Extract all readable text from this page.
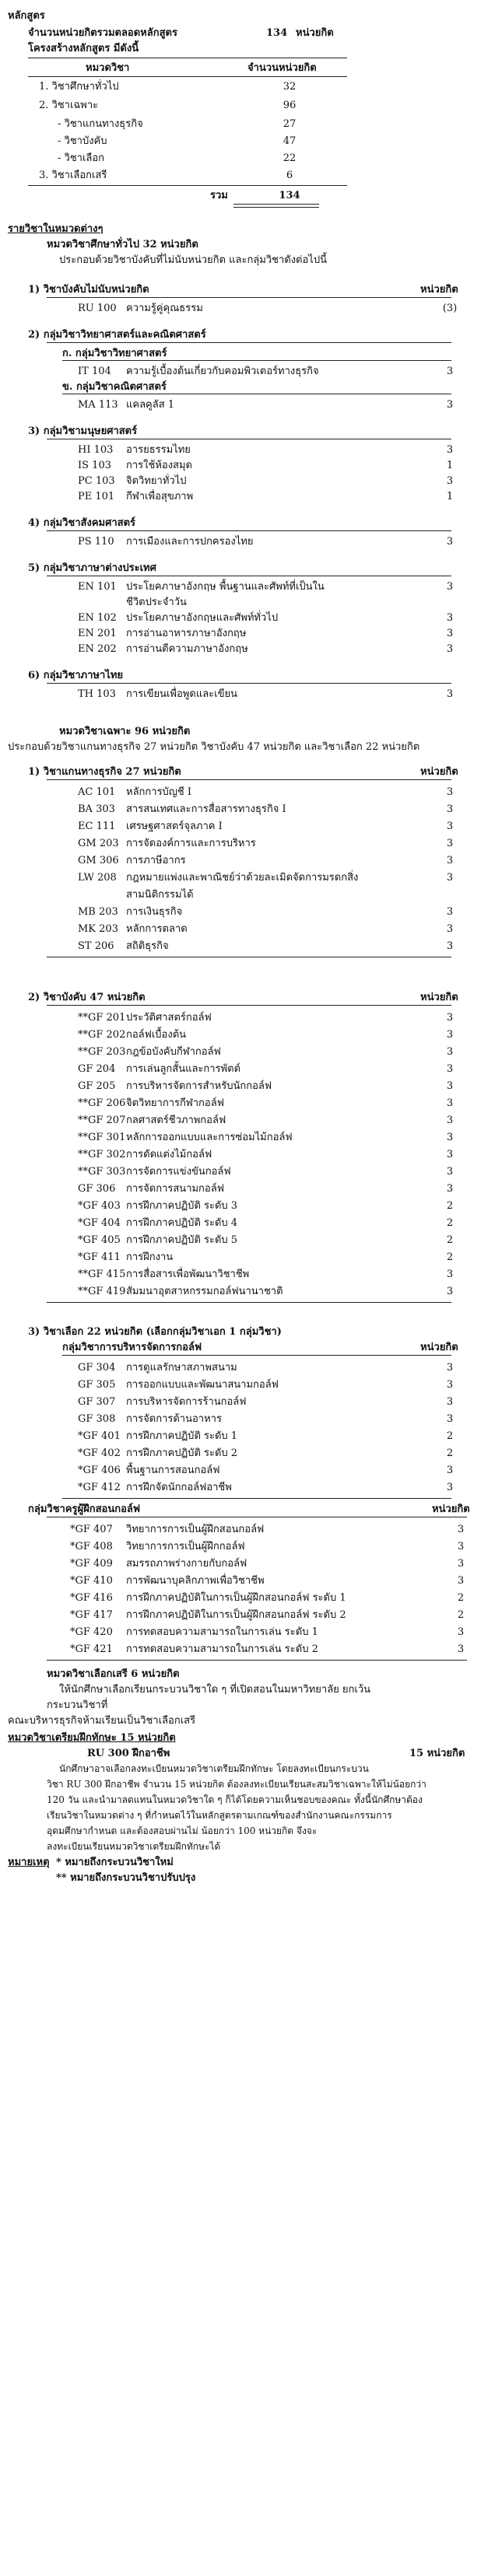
หลักสูตร
จำนวนหน่วยกิตรวมตลอดหลักสูตร	134 หน่วยกิต
โครงสร้างหลักสูตร มีดังนี้
หมวดวิชา	จำนวนหน่วยกิต
1. วิชาศึกษาทั่วไป	32
2. วิชาเฉพาะ	96
- วิชาแกนทางธุรกิจ	27
- วิชาบังคับ	47
- วิชาเลือก	22
3. วิชาเลือกเสรี	6
รวม	134
รายวิชาในหมวดต่างๆ
หมวดวิชาศึกษาทั่วไป 32 หน่วยกิต
ประกอบด้วยวิชาบังคับที่ไม่นับหน่วยกิต และกลุ่มวิชาดังต่อไปนี้
1) วิชาบังคับไม่นับหน่วยกิต	หน่วยกิต
RU 100 ความรู้คู่คุณธรรม	(3)
2) กลุ่มวิชาวิทยาศาสตร์และคณิตศาสตร์
ก. กลุ่มวิชาวิทยาศาสตร์
IT 104 ความรู้เบื้องต้นเกี่ยวกับคอมพิวเตอร์ทางธุรกิจ	3
ข. กลุ่มวิชาคณิตศาสตร์
MA 113 แคลคูลัส 1	3
3) กลุ่มวิชามนุษยศาสตร์
HI 103 อารยธรรมไทย	3
IS 103 การใช้ห้องสมุด	1
PC 103 จิตวิทยาทั่วไป	3
PE 101 กีฬาเพื่อสุขภาพ	1
4) กลุ่มวิชาสังคมศาสตร์
PS 110 การเมืองและการปกครองไทย	3
5) กลุ่มวิชาภาษาต่างประเทศ
EN 101 ประโยคภาษาอังกฤษ พื้นฐานและศัพท์ที่เป็นใน	3
ชีวิตประจำวัน
EN 102 ประโยคภาษาอังกฤษและศัพท์ทั่วไป	3
EN 201 การอ่านอาหารภาษาอังกฤษ	3
EN 202 การอ่านตีความภาษาอังกฤษ	3
6) กลุ่มวิชาภาษาไทย
TH 103 การเขียนเพื่อพูดและเขียน	3
หมวดวิชาเฉพาะ 96 หน่วยกิต
ประกอบด้วยวิชาแกนทางธุรกิจ 27 หน่วยกิต วิชาบังคับ 47 หน่วยกิต และวิชาเลือก 22 หน่วยกิต
1) วิชาแกนทางธุรกิจ 27 หน่วยกิต	หน่วยกิต
AC 101 หลักการบัญชี I	3
BA 303 สารสนเทศและการสื่อสารทางธุรกิจ I	3
EC 111 เศรษฐศาสตร์จุลภาค I	3
GM 203 การจัดองค์การและการบริหาร	3
GM 306 การภาษีอากร	3
LW 208 กฎหมายแพ่งและพาณิชย์ว่าด้วยละเมิดจัดการมรดกสิ่ง	3
สามนิติกรรมได้
MB 203 การเงินธุรกิจ	3
MK 203 หลักการตลาด	3
ST 206 สถิติธุรกิจ	3
2) วิชาบังคับ 47 หน่วยกิต	หน่วยกิต
**GF 201 ประวัติศาสตร์กอล์ฟ	3
**GF 202 กอล์ฟเบื้องต้น	3
**GF 203 กฎข้อบังคับกีฬากอล์ฟ	3
GF 204 การเล่นลูกสั้นและการพัตต์	3
GF 205 การบริหารจัดการสำหรับนักกอล์ฟ	3
**GF 206 จิตวิทยาการกีฬากอล์ฟ	3
**GF 207 กลศาสตร์ชีวภาพกอล์ฟ	3
**GF 301 หลักการออกแบบและการซ่อมไม้กอล์ฟ	3
**GF 302 การดัดแต่งไม้กอล์ฟ	3
**GF 303 การจัดการแข่งขันกอล์ฟ	3
GF 306 การจัดการสนามกอล์ฟ	3
*GF 403 การฝึกภาคปฏิบัติ ระดับ 3	2
*GF 404 การฝึกภาคปฏิบัติ ระดับ 4	2
*GF 405 การฝึกภาคปฏิบัติ ระดับ 5	2
*GF 411 การฝึกงาน	2
**GF 415 การสื่อสารเพื่อพัฒนาวิชาชีพ	3
**GF 419 สัมมนาอุตสาหกรรมกอล์ฟนานาชาติ	3
3) วิชาเลือก 22 หน่วยกิต (เลือกกลุ่มวิชาเอก 1 กลุ่มวิชา)
กลุ่มวิชาการบริหารจัดการกอล์ฟ	หน่วยกิต
GF 304 การดูแลรักษาสภาพสนาม	3
GF 305 การออกแบบและพัฒนาสนามกอล์ฟ	3
GF 307 การบริหารจัดการร้านกอล์ฟ	3
GF 308 การจัดการด้านอาหาร	3
*GF 401 การฝึกภาคปฏิบัติ ระดับ 1	2
*GF 402 การฝึกภาคปฏิบัติ ระดับ 2	2
*GF 406 พื้นฐานการสอนกอล์ฟ	3
*GF 412 การฝึกจัดนักกอล์ฟอาชีพ	3
กลุ่มวิชาครูผู้ฝึกสอนกอล์ฟ	หน่วยกิต
*GF 407 วิทยาการการเป็นผู้ฝึกสอนกอล์ฟ	3
*GF 408 วิทยาการการเป็นผู้ฝึกกอล์ฟ	3
*GF 409 สมรรถภาพร่างกายกับกอล์ฟ	3
*GF 410 การพัฒนาบุคลิกภาพเพื่อวิชาชีพ	3
*GF 416 การฝึกภาคปฏิบัติในการเป็นผู้ฝึกสอนกอล์ฟ ระดับ 1	2
*GF 417 การฝึกภาคปฏิบัติในการเป็นผู้ฝึกสอนกอล์ฟ ระดับ 2	2
*GF 420 การทดสอบความสามารถในการเล่น ระดับ 1	3
*GF 421 การทดสอบความสามารถในการเล่น ระดับ 2	3
หมวดวิชาเลือกเสรี 6 หน่วยกิต
ให้นักศึกษาเลือกเรียนกระบวนวิชาใด ๆ ที่เปิดสอนในมหาวิทยาลัย ยกเว้น
กระบวนวิชาที่
คณะบริหารธุรกิจห้ามเรียนเป็นวิชาเลือกเสรี
หมวดวิชาเตรียมฝึกทักษะ 15 หน่วยกิต
RU 300 ฝึกอาชีพ	15 หน่วยกิต
นักศึกษาอาจเลือกลงทะเบียนหมวดวิชาเตรียมฝึกทักษะ โดยลงทะเบียนกระบวน
วิชา RU 300 ฝึกอาชีพ จำนวน 15 หน่วยกิต ต้องลงทะเบียนเรียนสะสมวิชาเฉพาะให้ไม่น้อยกว่า
120 วัน และนำมาลดแทนในหมวดวิชาใด ๆ ก็ได้โดยความเห็นชอบของคณะ ทั้งนี้นักศึกษาต้อง
เรียนวิชาในหมวดต่าง ๆ ที่กำหนดไว้ในหลักสูตรตามเกณฑ์ของสำนักงานคณะกรรมการ
อุดมศึกษากำหนด และต้องสอบผ่านไม่ น้อยกว่า 100 หน่วยกิต จึงจะ
ลงทะเบียนเรียนหมวดวิชาเตรียมฝึกทักษะได้
หมายเหตุ * หมายถึงกระบวนวิชาใหม่
** หมายถึงกระบวนวิชาปรับปรุง
